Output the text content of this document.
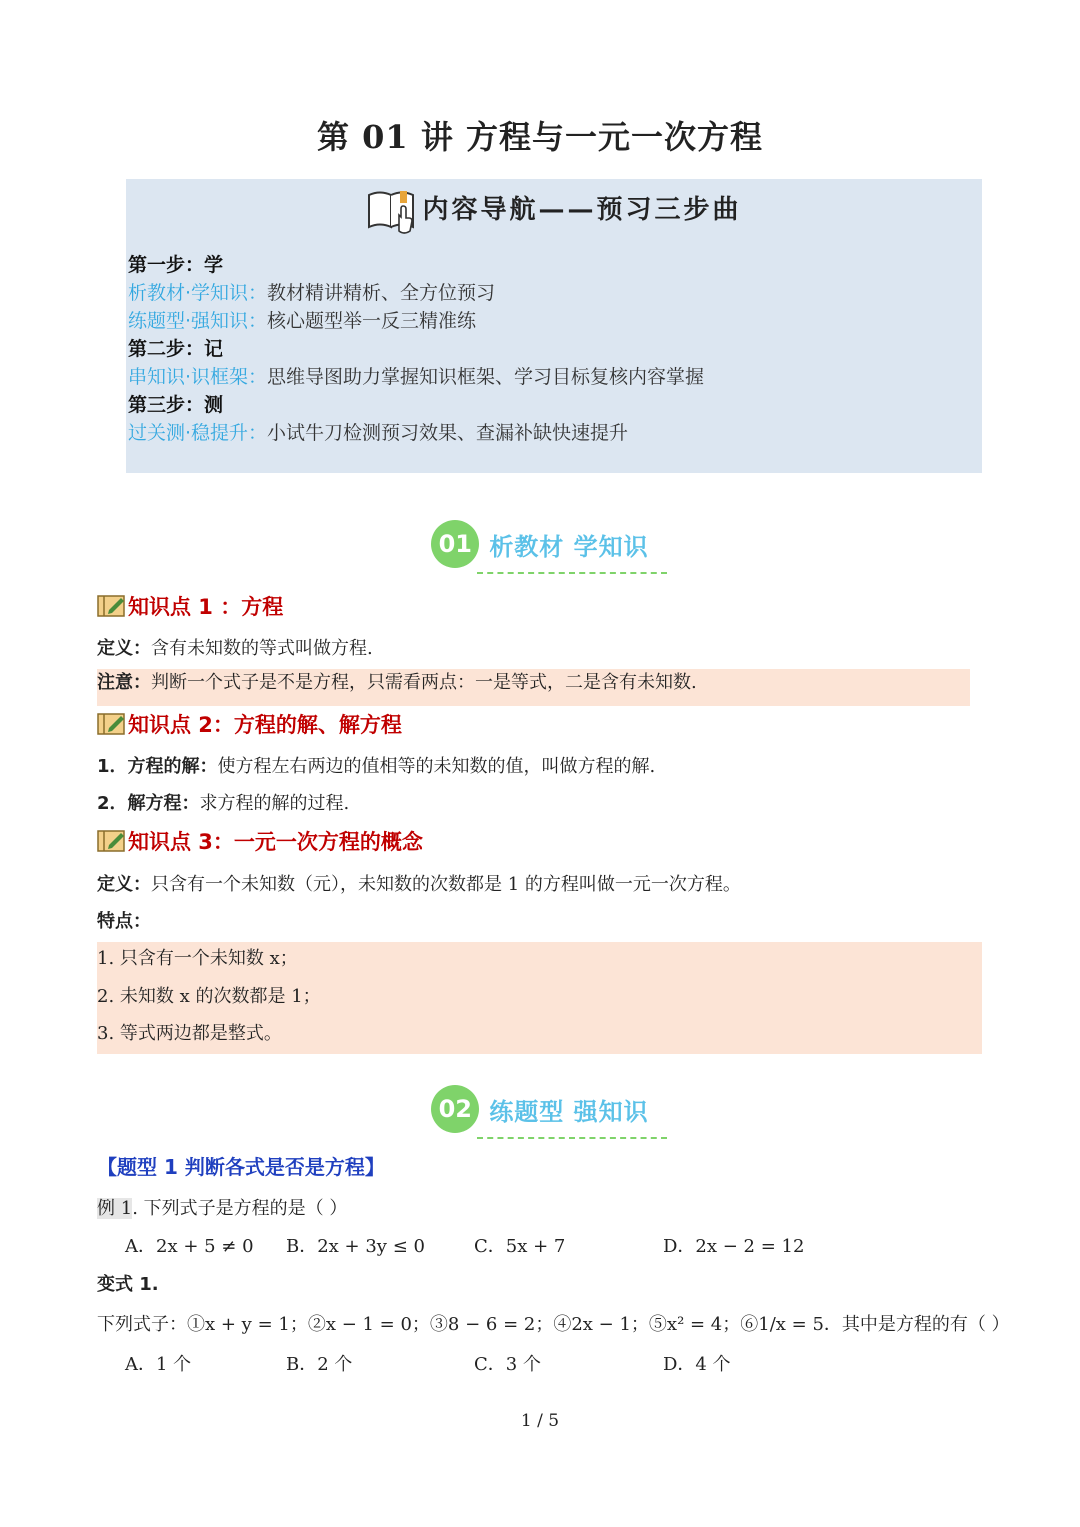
第 01 讲 方程与一元一次方程
内容导航——预习三步曲
第一步：学
析教材·学知识：教材精讲精析、全方位预习
练题型·强知识：核心题型举一反三精准练
第二步：记
串知识·识框架：思维导图助力掌握知识框架、学习目标复核内容掌握
第三步：测
过关测·稳提升：小试牛刀检测预习效果、查漏补缺快速提升
01 析教材 学知识
知识点 1 ：方程
定义：含有未知数的等式叫做方程.
注意：判断一个式子是不是方程，只需看两点：一是等式，二是含有未知数.
知识点 2：方程的解、解方程
1．方程的解：使方程左右两边的值相等的未知数的值，叫做方程的解.
2．解方程：求方程的解的过程.
知识点 3：一元一次方程的概念
定义：只含有一个未知数（元），未知数的次数都是 1 的方程叫做一元一次方程。
特点：
1. 只含有一个未知数 x；
2. 未知数 x 的次数都是 1；
3. 等式两边都是整式。
02 练题型 强知识
【题型 1 判断各式是否是方程】
例 1. 下列式子是方程的是（ ）
A．2x + 5 ≠ 0 B．2x + 3y ≤ 0	C．5x + 7	D．2x − 2 = 12
变式 1.
下列式子：①x + y = 1；②x − 1 = 0；③8 − 6 = 2；④2x − 1；⑤x² = 4；⑥1/x = 5．其中是方程的有（ ）
A．1 个	B．2 个	C．3 个	D．4 个
1 / 5
